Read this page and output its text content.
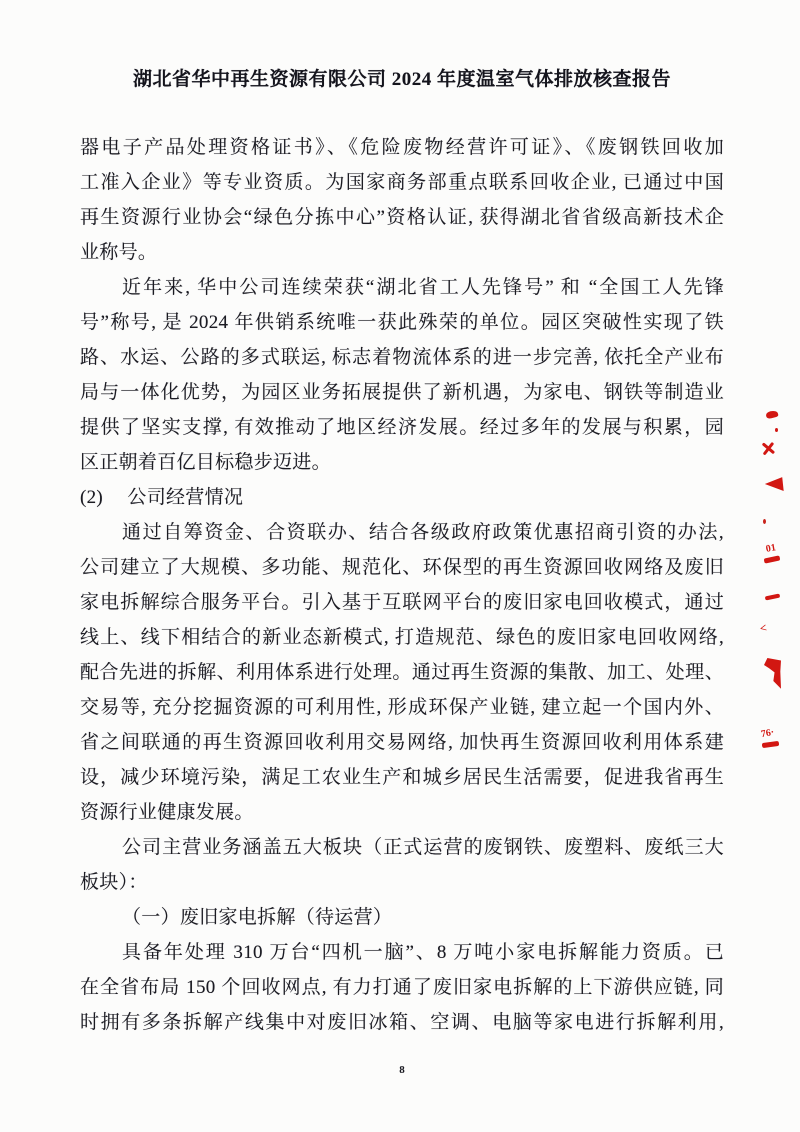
湖北省华中再生资源有限公司 2024 年度温室气体排放核查报告
器电子产品处理资格证书》、《危险废物经营许可证》、《废钢铁回收加
工准入企业》等专业资质。为国家商务部重点联系回收企业, 已通过中国
再生资源行业协会“绿色分拣中心”资格认证, 获得湖北省省级高新技术企
业称号。
近年来, 华中公司连续荣获“湖北省工人先锋号” 和 “全国工人先锋
号”称号, 是 2024 年供销系统唯一获此殊荣的单位。园区突破性实现了铁
路、水运、公路的多式联运, 标志着物流体系的进一步完善, 依托全产业布
局与一体化优势，为园区业务拓展提供了新机遇，为家电、钢铁等制造业
提供了坚实支撑, 有效推动了地区经济发展。经过多年的发展与积累，园
区正朝着百亿目标稳步迈进。
(2)　 公司经营情况
通过自筹资金、合资联办、结合各级政府政策优惠招商引资的办法,
公司建立了大规模、多功能、规范化、环保型的再生资源回收网络及废旧
家电拆解综合服务平台。引入基于互联网平台的废旧家电回收模式，通过
线上、线下相结合的新业态新模式, 打造规范、绿色的废旧家电回收网络,
配合先进的拆解、利用体系进行处理。通过再生资源的集散、加工、处理、
交易等, 充分挖掘资源的可利用性, 形成环保产业链, 建立起一个国内外、
省之间联通的再生资源回收利用交易网络, 加快再生资源回收利用体系建
设，减少环境污染，满足工农业生产和城乡居民生活需要，促进我省再生
资源行业健康发展。
公司主营业务涵盖五大板块（正式运营的废钢铁、废塑料、废纸三大
板块）：
（一）废旧家电拆解（待运营）
具备年处理 310 万台“四机一脑”、8 万吨小家电拆解能力资质。已
在全省布局 150 个回收网点, 有力打通了废旧家电拆解的上下游供应链, 同
时拥有多条拆解产线集中对废旧冰箱、空调、电脑等家电进行拆解利用,
8
01
<
76·
